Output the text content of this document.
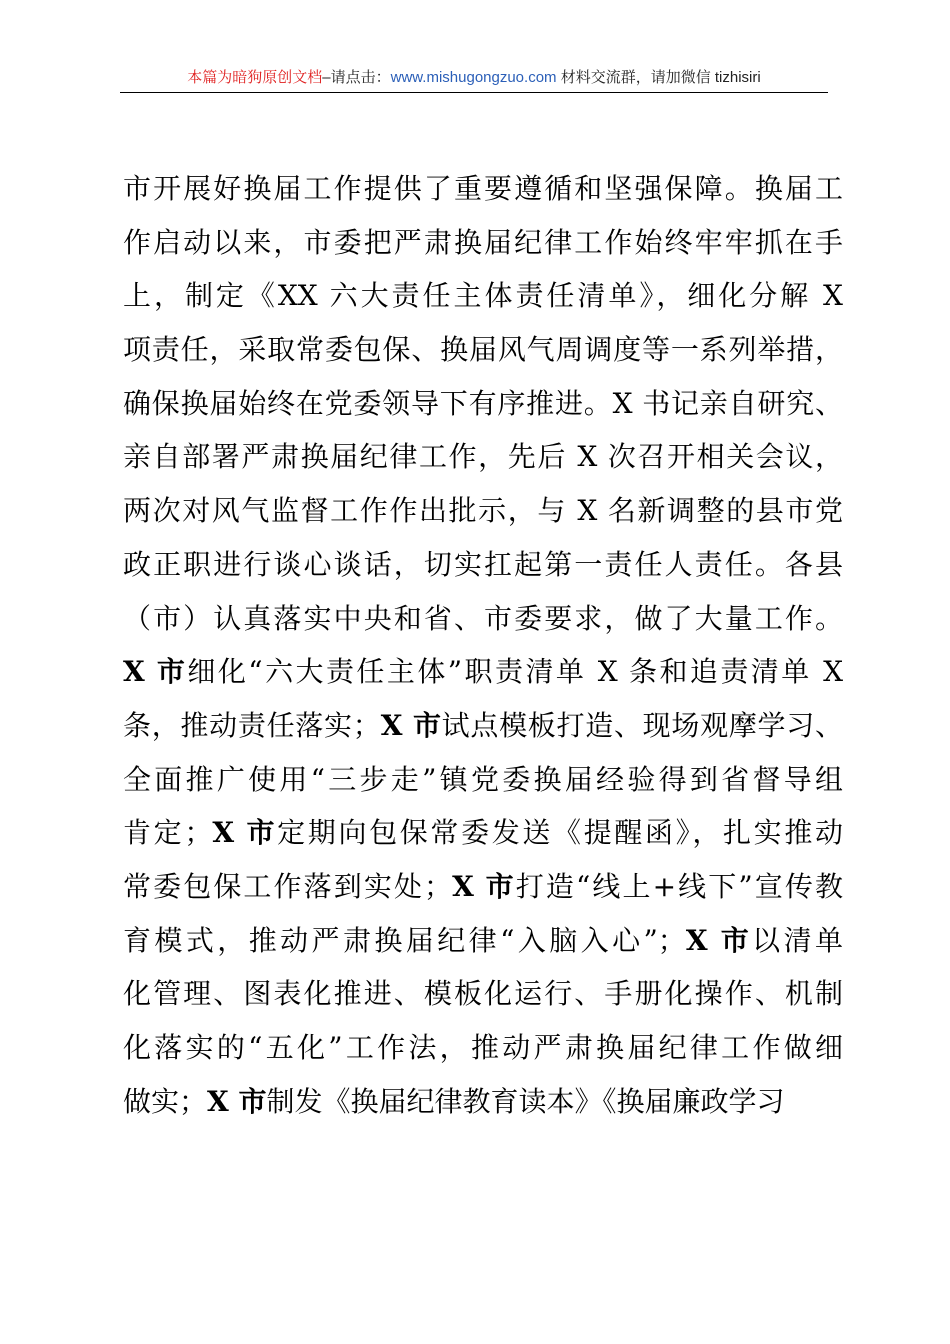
本篇为暗狗原创文档–请点击：www.mishugongzuo.com 材料交流群，请加微信 tizhisiri
市开展好换届工作提供了重要遵循和坚强保障。换届工
作启动以来，市委把严肃换届纪律工作始终牢牢抓在手
上，制定《XX 六大责任主体责任清单》，细化分解 X
项责任，采取常委包保、换届风气周调度等一系列举措，
确保换届始终在党委领导下有序推进。X 书记亲自研究、
亲自部署严肃换届纪律工作，先后 X 次召开相关会议，
两次对风气监督工作作出批示，与 X 名新调整的县市党
政正职进行谈心谈话，切实扛起第一责任人责任。各县
（市）认真落实中央和省、市委要求，做了大量工作。
X 市细化“六大责任主体”职责清单 X 条和追责清单 X
条，推动责任落实；X 市试点模板打造、现场观摩学习、
全面推广使用“三步走”镇党委换届经验得到省督导组
肯定；X 市定期向包保常委发送《提醒函》，扎实推动
常委包保工作落到实处；X 市打造“线上+线下”宣传教
育模式，推动严肃换届纪律“入脑入心”；X 市以清单
化管理、图表化推进、模板化运行、手册化操作、机制
化落实的“五化”工作法，推动严肃换届纪律工作做细
做实；X 市制发《换届纪律教育读本》《换届廉政学习
